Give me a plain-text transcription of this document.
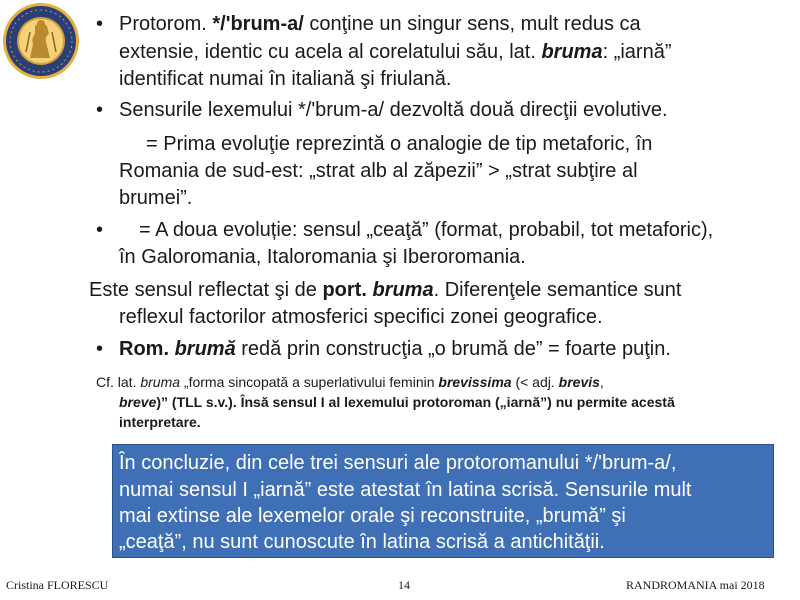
• Protorom. */'brum-a/ conţine un singur sens, mult redus ca
extensie, identic cu acela al corelatului său, lat. bruma: „iarnă”
identificat numai în italiană şi friulană.
• Sensurile lexemului */'brum-a/ dezvoltă două direcţii evolutive.
= Prima evoluţie reprezintă o analogie de tip metaforic, în
Romania de sud-est: „strat alb al zăpezii” > „strat subţire al
brumei”.
• = A doua evoluție: sensul „ceaţă” (format, probabil, tot metaforic),
în Galoromania, Italoromania şi Iberoromania.
Este sensul reflectat şi de port. bruma. Diferenţele semantice sunt
reflexul factorilor atmosferici specifici zonei geografice.
• Rom. brumă redă prin construcţia „o brumă de” = foarte puţin.
Cf. lat. bruma „forma sincopată a superlativului feminin brevissima (< adj. brevis,
breve)” (TLL s.v.). Însă sensul I al lexemului protoroman („iarnă”) nu permite acestă
interpretare.
În concluzie, din cele trei sensuri ale protoromanului */'brum-a/,
numai sensul I „iarnă” este atestat în latina scrisă. Sensurile mult
mai extinse ale lexemelor orale şi reconstruite, „brumă” şi
„ceaţă”, nu sunt cunoscute în latina scrisă a antichităţii.
Cristina FLORESCU	14	RANDROMANIA mai 2018
